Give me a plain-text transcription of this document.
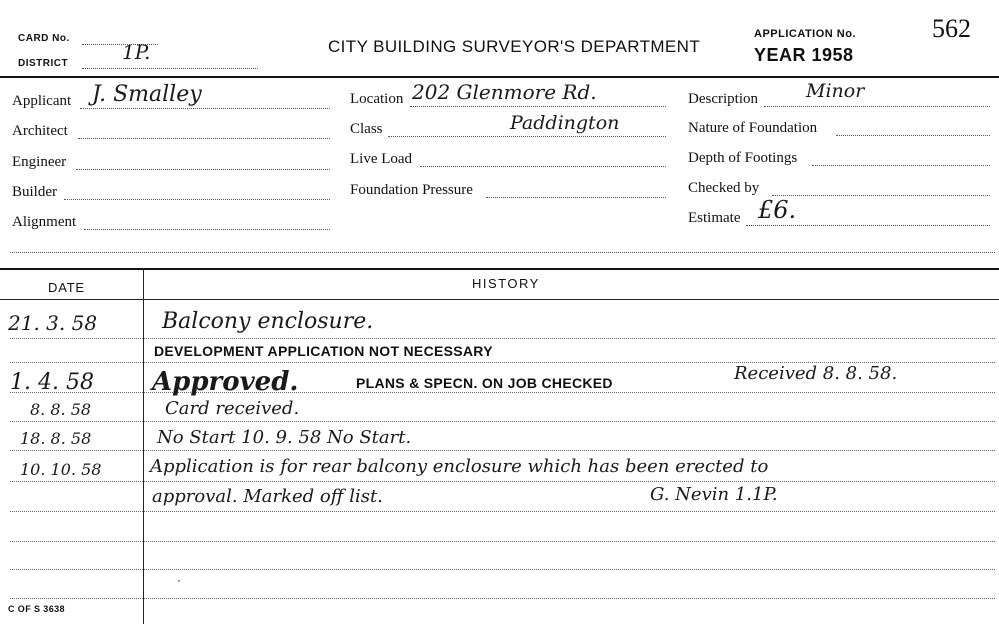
CARD No.
DISTRICT	1P.	CITY BUILDING SURVEYOR'S DEPARTMENT
APPLICATION No.	562
YEAR 1958
Applicant J. Smalley
Architect
Engineer
Builder
Alignment
Location 202 Glenmore Rd.
Class	Paddington
Live Load
Foundation Pressure
Description	Minor
Nature of Foundation
Depth of Footings
Checked by
Estimate £6.
DATE	HISTORY
21. 3. 58	Balcony enclosure.
DEVELOPMENT APPLICATION NOT NECESSARY
1. 4. 58 Approved.	PLANS & SPECN. ON JOB CHECKED	Received 8. 8. 58.
8. 8. 58	Card received.
18. 8. 58	No Start 10. 9. 58 No Start.
10. 10. 58	Application is for rear balcony enclosure which has been erected to
approval. Marked off list.	G. Nevin 1.1P.
'
C OF S 3638
